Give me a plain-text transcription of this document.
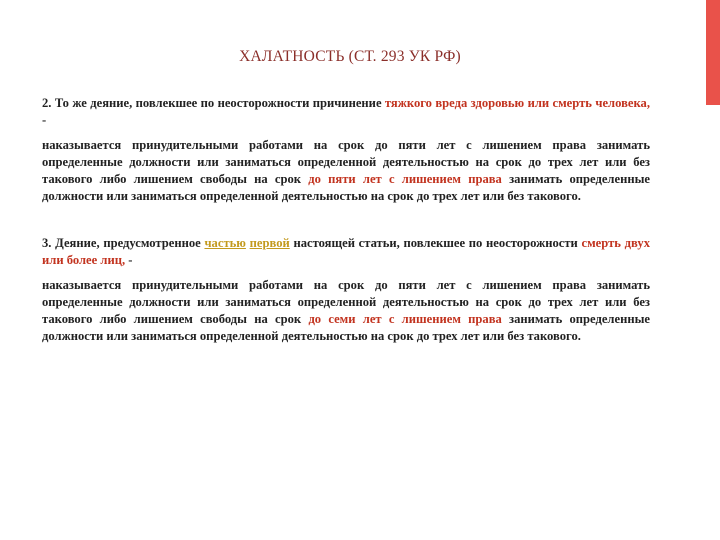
ХАЛАТНОСТЬ (СТ. 293 УК РФ)

2. То же деяние, повлекшее по неосторожности причинение тяжкого вреда здоровью или смерть человека, -

наказывается принудительными работами на срок до пяти лет с лишением права занимать определенные должности или заниматься определенной деятельностью на срок до трех лет или без такового либо лишением свободы на срок до пяти лет с лишением права занимать определенные должности или заниматься определенной деятельностью на срок до трех лет или без такового.

3. Деяние, предусмотренное частью первой настоящей статьи, повлекшее по неосторожности смерть двух или более лиц, -

наказывается принудительными работами на срок до пяти лет с лишением права занимать определенные должности или заниматься определенной деятельностью на срок до трех лет или без такового либо лишением свободы на срок до семи лет с лишением права занимать определенные должности или заниматься определенной деятельностью на срок до трех лет или без такового.
